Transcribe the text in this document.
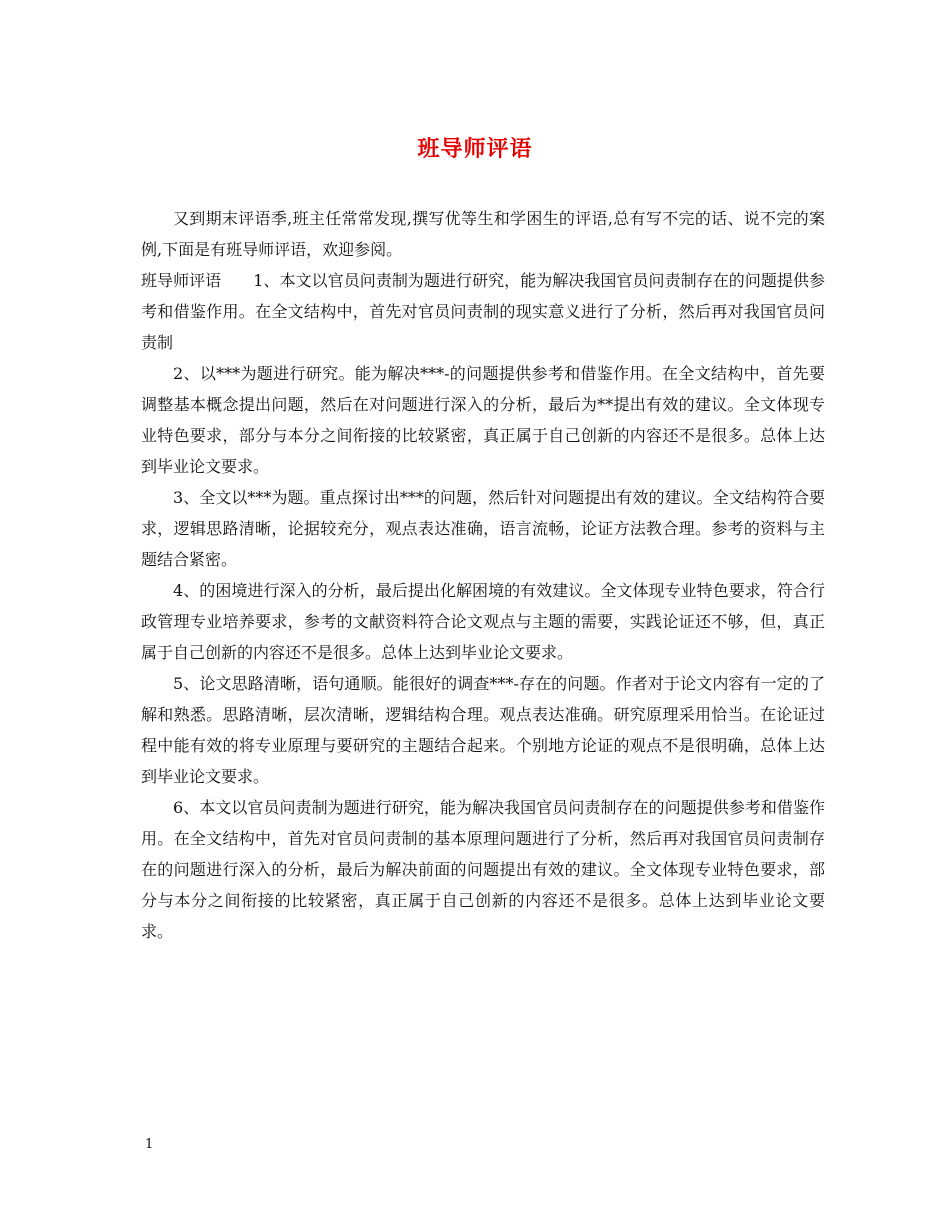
班导师评语

又到期末评语季,班主任常常发现,撰写优等生和学困生的评语,总有写不完的话、说不完的案例,下面是有班导师评语，欢迎参阅。

班导师评语　　1、本文以官员问责制为题进行研究，能为解决我国官员问责制存在的问题提供参考和借鉴作用。在全文结构中，首先对官员问责制的现实意义进行了分析，然后再对我国官员问责制

2、以***为题进行研究。能为解决***-的问题提供参考和借鉴作用。在全文结构中，首先要调整基本概念提出问题，然后在对问题进行深入的分析，最后为**提出有效的建议。全文体现专业特色要求，部分与本分之间衔接的比较紧密，真正属于自己创新的内容还不是很多。总体上达到毕业论文要求。

3、全文以***为题。重点探讨出***的问题，然后针对问题提出有效的建议。全文结构符合要求，逻辑思路清晰，论据较充分，观点表达准确，语言流畅，论证方法教合理。参考的资料与主题结合紧密。

4、的困境进行深入的分析，最后提出化解困境的有效建议。全文体现专业特色要求，符合行政管理专业培养要求，参考的文献资料符合论文观点与主题的需要，实践论证还不够，但，真正属于自己创新的内容还不是很多。总体上达到毕业论文要求。

5、论文思路清晰，语句通顺。能很好的调查***-存在的问题。作者对于论文内容有一定的了解和熟悉。思路清晰，层次清晰，逻辑结构合理。观点表达准确。研究原理采用恰当。在论证过程中能有效的将专业原理与要研究的主题结合起来。个别地方论证的观点不是很明确，总体上达到毕业论文要求。

6、本文以官员问责制为题进行研究，能为解决我国官员问责制存在的问题提供参考和借鉴作用。在全文结构中，首先对官员问责制的基本原理问题进行了分析，然后再对我国官员问责制存在的问题进行深入的分析，最后为解决前面的问题提出有效的建议。全文体现专业特色要求，部分与本分之间衔接的比较紧密，真正属于自己创新的内容还不是很多。总体上达到毕业论文要求。

1
